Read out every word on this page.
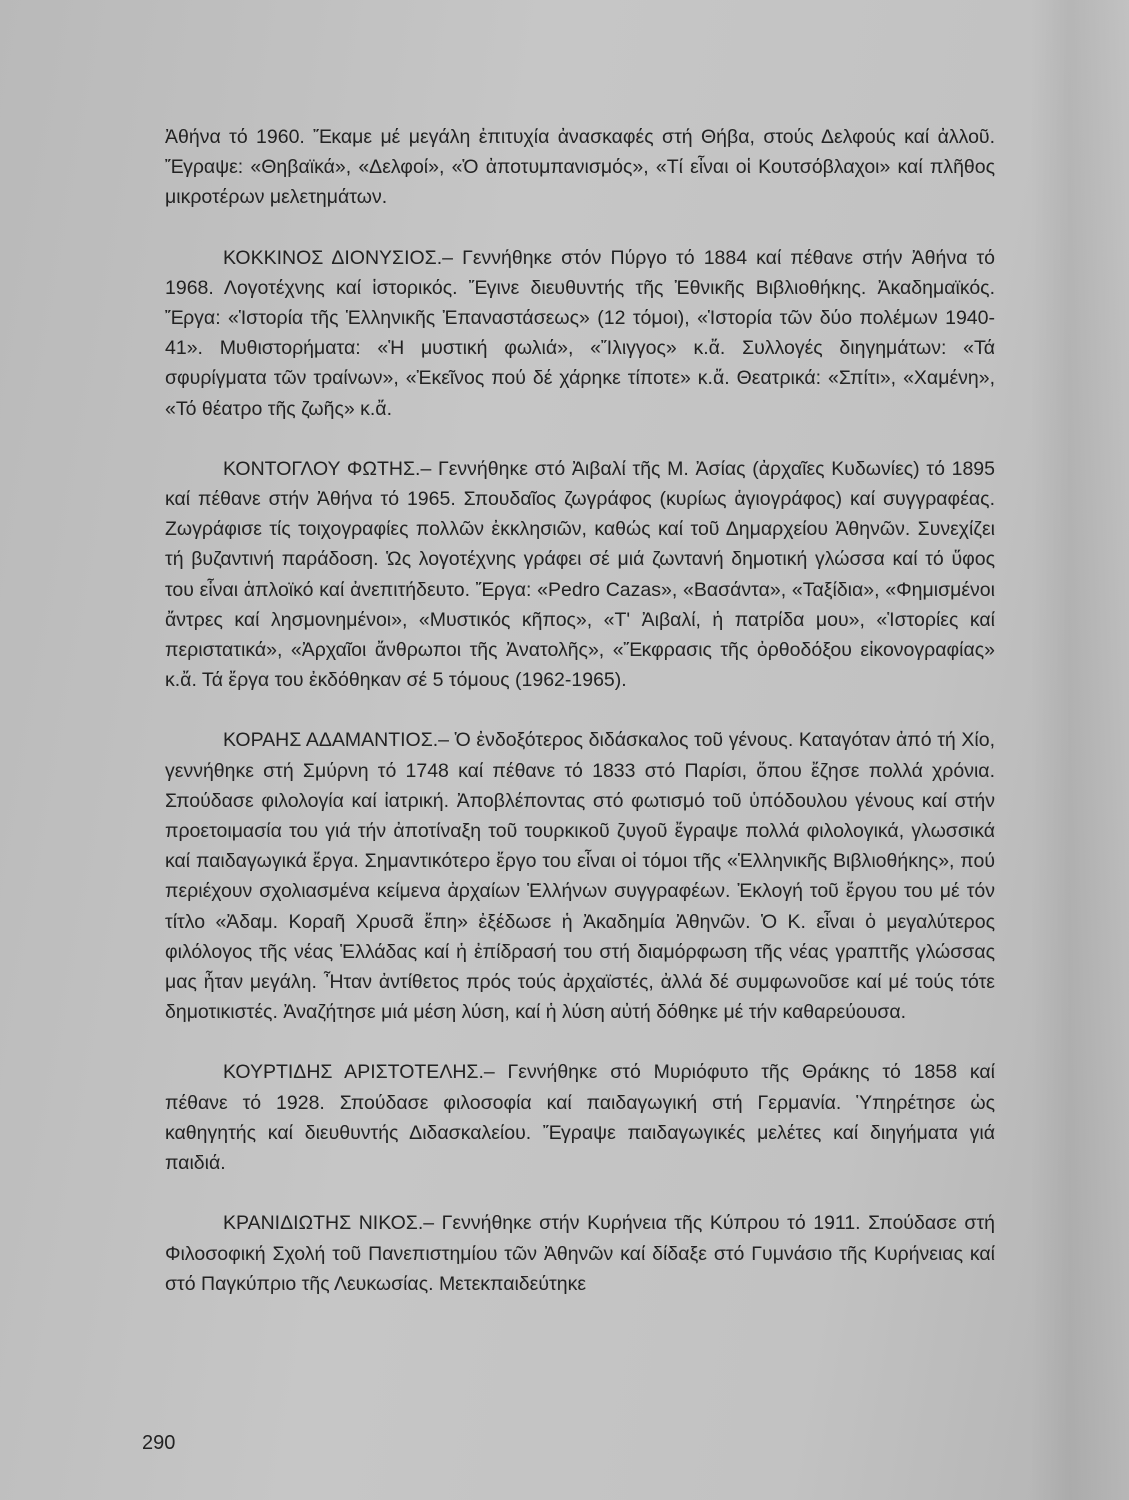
Ἀθήνα τό 1960. Ἔκαμε μέ μεγάλη ἐπιτυχία ἀνασκαφές στή Θήβα, στούς Δελφούς καί ἀλλοῦ. Ἔγραψε: «Θηβαϊκά», «Δελφοί», «Ὁ ἀποτυμπανισμός», «Τί εἶναι οἱ Κουτσόβλαχοι» καί πλῆθος μικροτέρων μελετημάτων.

ΚΟΚΚΙΝΟΣ ΔΙΟΝΥΣΙΟΣ.– Γεννήθηκε στόν Πύργο τό 1884 καί πέθανε στήν Ἀθήνα τό 1968. Λογοτέχνης καί ἱστορικός. Ἔγινε διευθυντής τῆς Ἐθνικῆς Βιβλιοθήκης. Ἀκαδημαϊκός. Ἔργα: «Ἱστορία τῆς Ἑλληνικῆς Ἐπαναστάσεως» (12 τόμοι), «Ἱστορία τῶν δύο πολέμων 1940-41». Μυθιστορήματα: «Ἡ μυστική φωλιά», «Ἴλιγγος» κ.ἄ. Συλλογές διηγημάτων: «Τά σφυρίγματα τῶν τραίνων», «Ἐκεῖνος πού δέ χάρηκε τίποτε» κ.ἄ. Θεατρικά: «Σπίτι», «Χαμένη», «Τό θέατρο τῆς ζωῆς» κ.ἄ.

ΚΟΝΤΟΓΛΟΥ ΦΩΤΗΣ.– Γεννήθηκε στό Ἀιβαλί τῆς Μ. Ἀσίας (ἀρχαῖες Κυδωνίες) τό 1895 καί πέθανε στήν Ἀθήνα τό 1965. Σπουδαῖος ζωγράφος (κυρίως ἁγιογράφος) καί συγγραφέας. Ζωγράφισε τίς τοιχογραφίες πολλῶν ἐκκλησιῶν, καθώς καί τοῦ Δημαρχείου Ἀθηνῶν. Συνεχίζει τή βυζαντινή παράδοση. Ὡς λογοτέχνης γράφει σέ μιά ζωντανή δημοτική γλώσσα καί τό ὕφος του εἶναι ἁπλοϊκό καί ἀνεπιτήδευτο. Ἔργα: «Pedro Cazas», «Βασάντα», «Ταξίδια», «Φημισμένοι ἄντρες καί λησμονημένοι», «Μυστικός κῆπος», «Τ' Ἀιβαλί, ἡ πατρίδα μου», «Ἱστορίες καί περιστατικά», «Ἀρχαῖοι ἄνθρωποι τῆς Ἀνατολῆς», «Ἔκφρασις τῆς ὀρθοδόξου εἰκονογραφίας» κ.ἄ. Τά ἔργα του ἐκδόθηκαν σέ 5 τόμους (1962-1965).

ΚΟΡΑΗΣ ΑΔΑΜΑΝΤΙΟΣ.– Ὁ ἐνδοξότερος διδάσκαλος τοῦ γένους. Καταγόταν ἀπό τή Χίο, γεννήθηκε στή Σμύρνη τό 1748 καί πέθανε τό 1833 στό Παρίσι, ὅπου ἔζησε πολλά χρόνια. Σπούδασε φιλολογία καί ἰατρική. Ἀποβλέποντας στό φωτισμό τοῦ ὑπόδουλου γένους καί στήν προετοιμασία του γιά τήν ἀποτίναξη τοῦ τουρκικοῦ ζυγοῦ ἔγραψε πολλά φιλολογικά, γλωσσικά καί παιδαγωγικά ἔργα. Σημαντικότερο ἔργο του εἶναι οἱ τόμοι τῆς «Ἑλληνικῆς Βιβλιοθήκης», πού περιέχουν σχολιασμένα κείμενα ἀρχαίων Ἑλλήνων συγγραφέων. Ἐκλογή τοῦ ἔργου του μέ τόν τίτλο «Ἀδαμ. Κοραῆ Χρυσᾶ ἔπη» ἐξέδωσε ἡ Ἀκαδημία Ἀθηνῶν. Ὁ Κ. εἶναι ὁ μεγαλύτερος φιλόλογος τῆς νέας Ἑλλάδας καί ἡ ἐπίδρασή του στή διαμόρφωση τῆς νέας γραπτῆς γλώσσας μας ἦταν μεγάλη. Ἦταν ἀντίθετος πρός τούς ἀρχαϊστές, ἀλλά δέ συμφωνοῦσε καί μέ τούς τότε δημοτικιστές. Ἀναζήτησε μιά μέση λύση, καί ἡ λύση αὐτή δόθηκε μέ τήν καθαρεύουσα.

ΚΟΥΡΤΙΔΗΣ ΑΡΙΣΤΟΤΕΛΗΣ.– Γεννήθηκε στό Μυριόφυτο τῆς Θράκης τό 1858 καί πέθανε τό 1928. Σπούδασε φιλοσοφία καί παιδαγωγική στή Γερμανία. Ὑπηρέτησε ὡς καθηγητής καί διευθυντής Διδασκαλείου. Ἔγραψε παιδαγωγικές μελέτες καί διηγήματα γιά παιδιά.

ΚΡΑΝΙΔΙΩΤΗΣ ΝΙΚΟΣ.– Γεννήθηκε στήν Κυρήνεια τῆς Κύπρου τό 1911. Σπούδασε στή Φιλοσοφική Σχολή τοῦ Πανεπιστημίου τῶν Ἀθηνῶν καί δίδαξε στό Γυμνάσιο τῆς Κυρήνειας καί στό Παγκύπριο τῆς Λευκωσίας. Μετεκπαιδεύτηκε

290
